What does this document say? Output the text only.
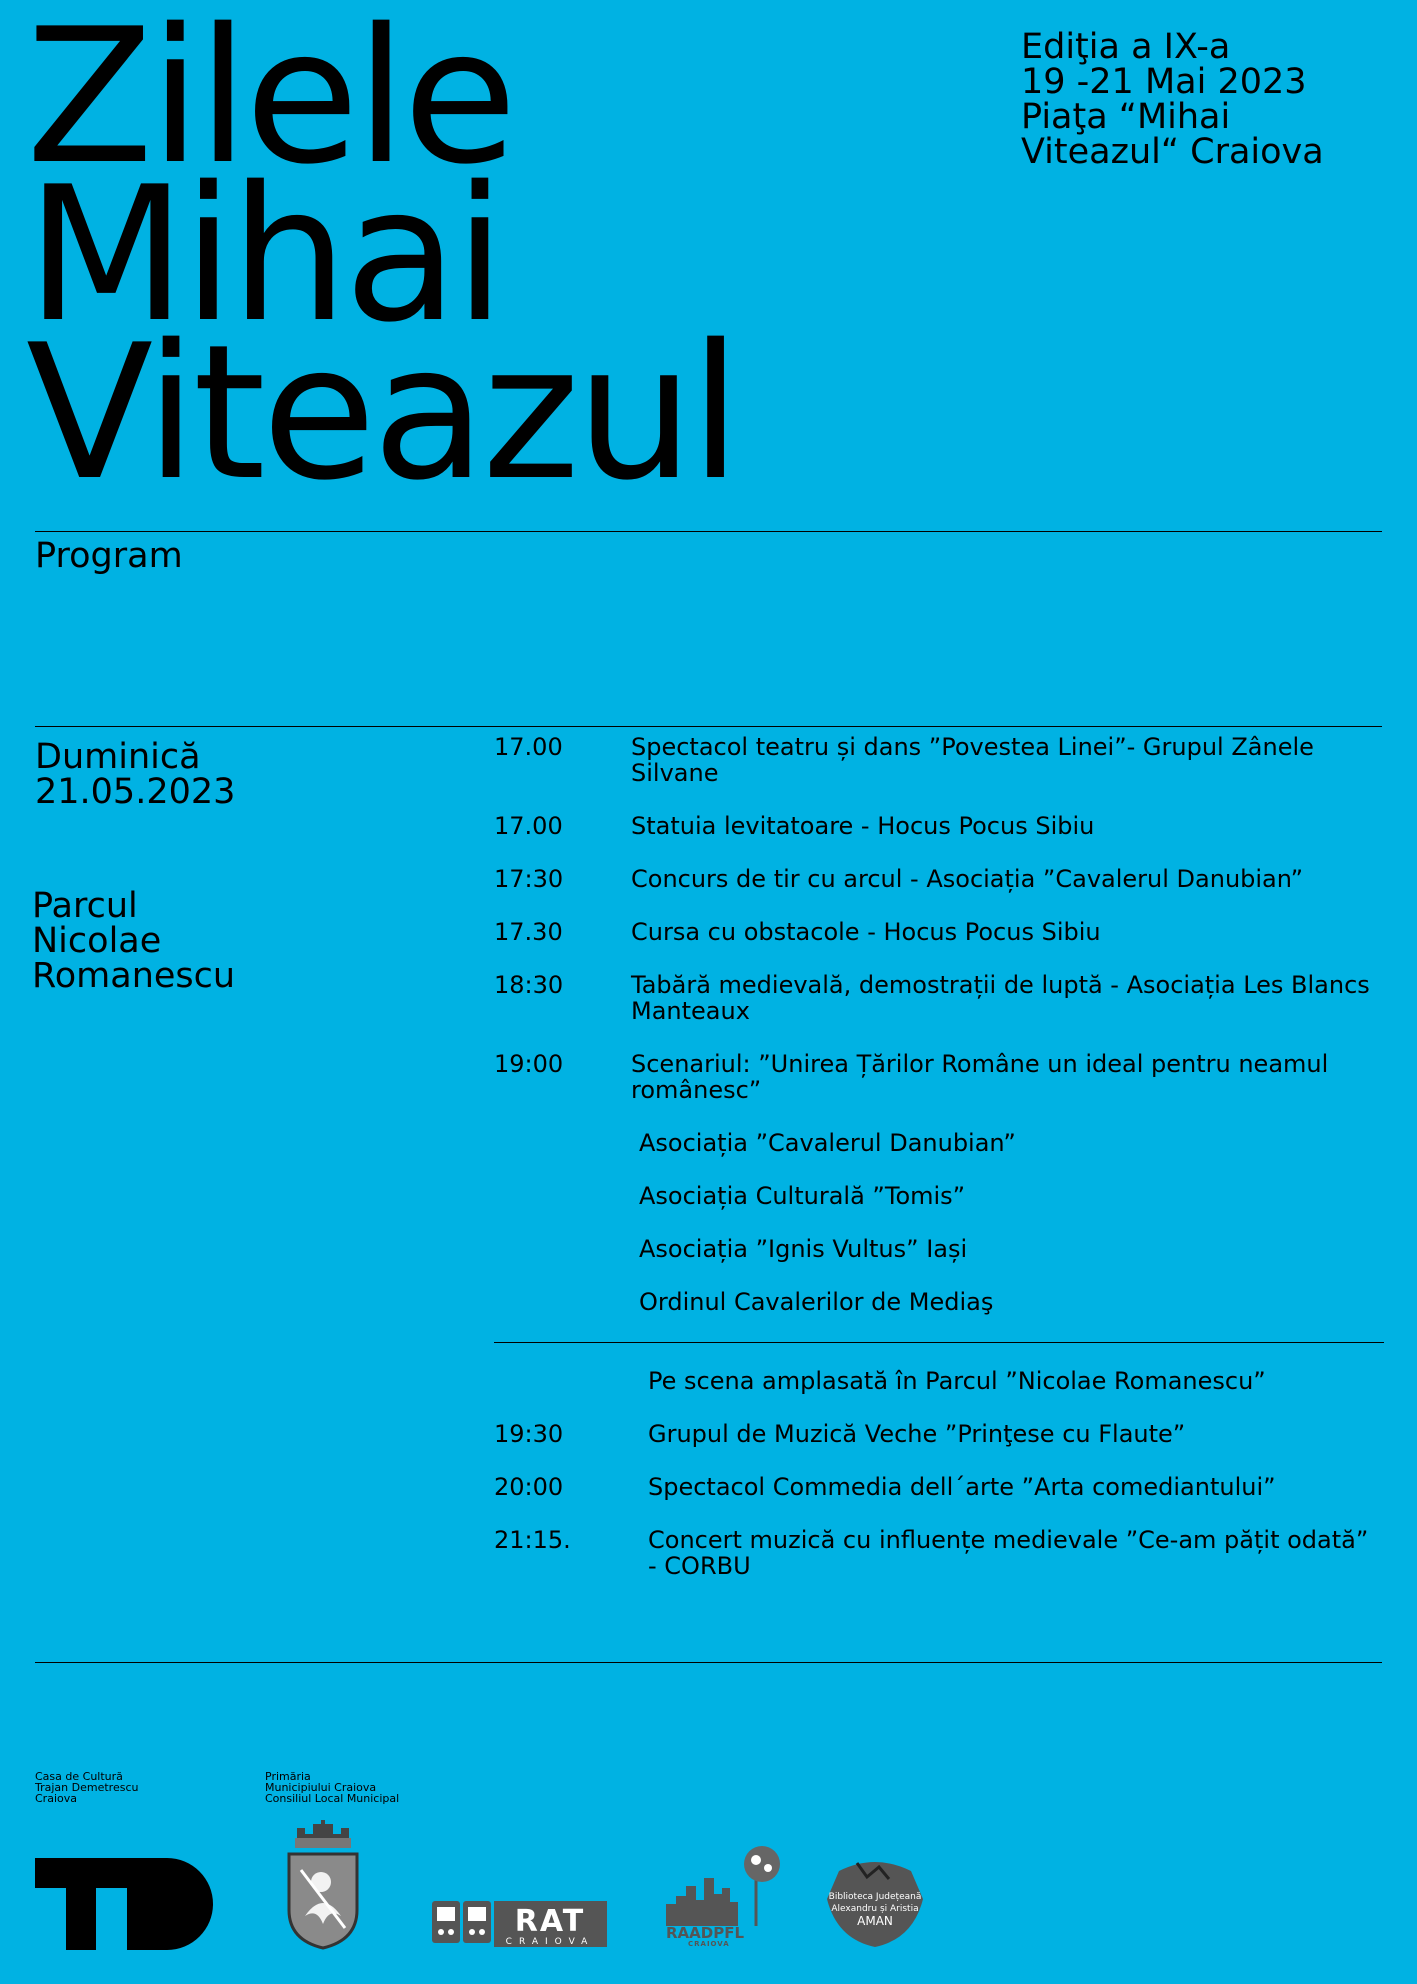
Zilele
Mihai
Viteazul
Ediţia a IX-a
19 -21 Mai 2023
Piaţa “Mihai
Viteazul“ Craiova
Program
Duminică
21.05.2023
Parcul
Nicolae
Romanescu
17.00	Spectacol teatru și dans ”Povestea Linei”- Grupul Zânele Silvane
17.00	Statuia levitatoare - Hocus Pocus Sibiu
17:30	Concurs de tir cu arcul - Asociația ”Cavalerul Danubian”
17.30	Cursa cu obstacole - Hocus Pocus Sibiu
18:30	Tabără medievală, demostrații de luptă - Asociația Les Blancs Manteaux
19:00	Scenariul: ”Unirea Țărilor Române un ideal pentru neamul românesc”
Asociația ”Cavalerul Danubian”
Asociația Culturală ”Tomis”
Asociația ”Ignis Vultus” Iași
Ordinul Cavalerilor de Mediaş
Pe scena amplasată în Parcul ”Nicolae Romanescu”
19:30	Grupul de Muzică Veche ”Prinţese cu Flaute”
20:00	Spectacol Commedia dell´arte ”Arta comediantului”
21:15.	Concert muzică cu influențe medievale ”Ce-am pățit odată” - CORBU
Casa de Cultură
Trajan Demetrescu
Craiova
Primăria
Municipiului Craiova
Consiliul Local Municipal
RAT
CRAIOVA	RAADPFL
CRAIOVA
Biblioteca Județeană
Alexandru și Aristia
AMAN
